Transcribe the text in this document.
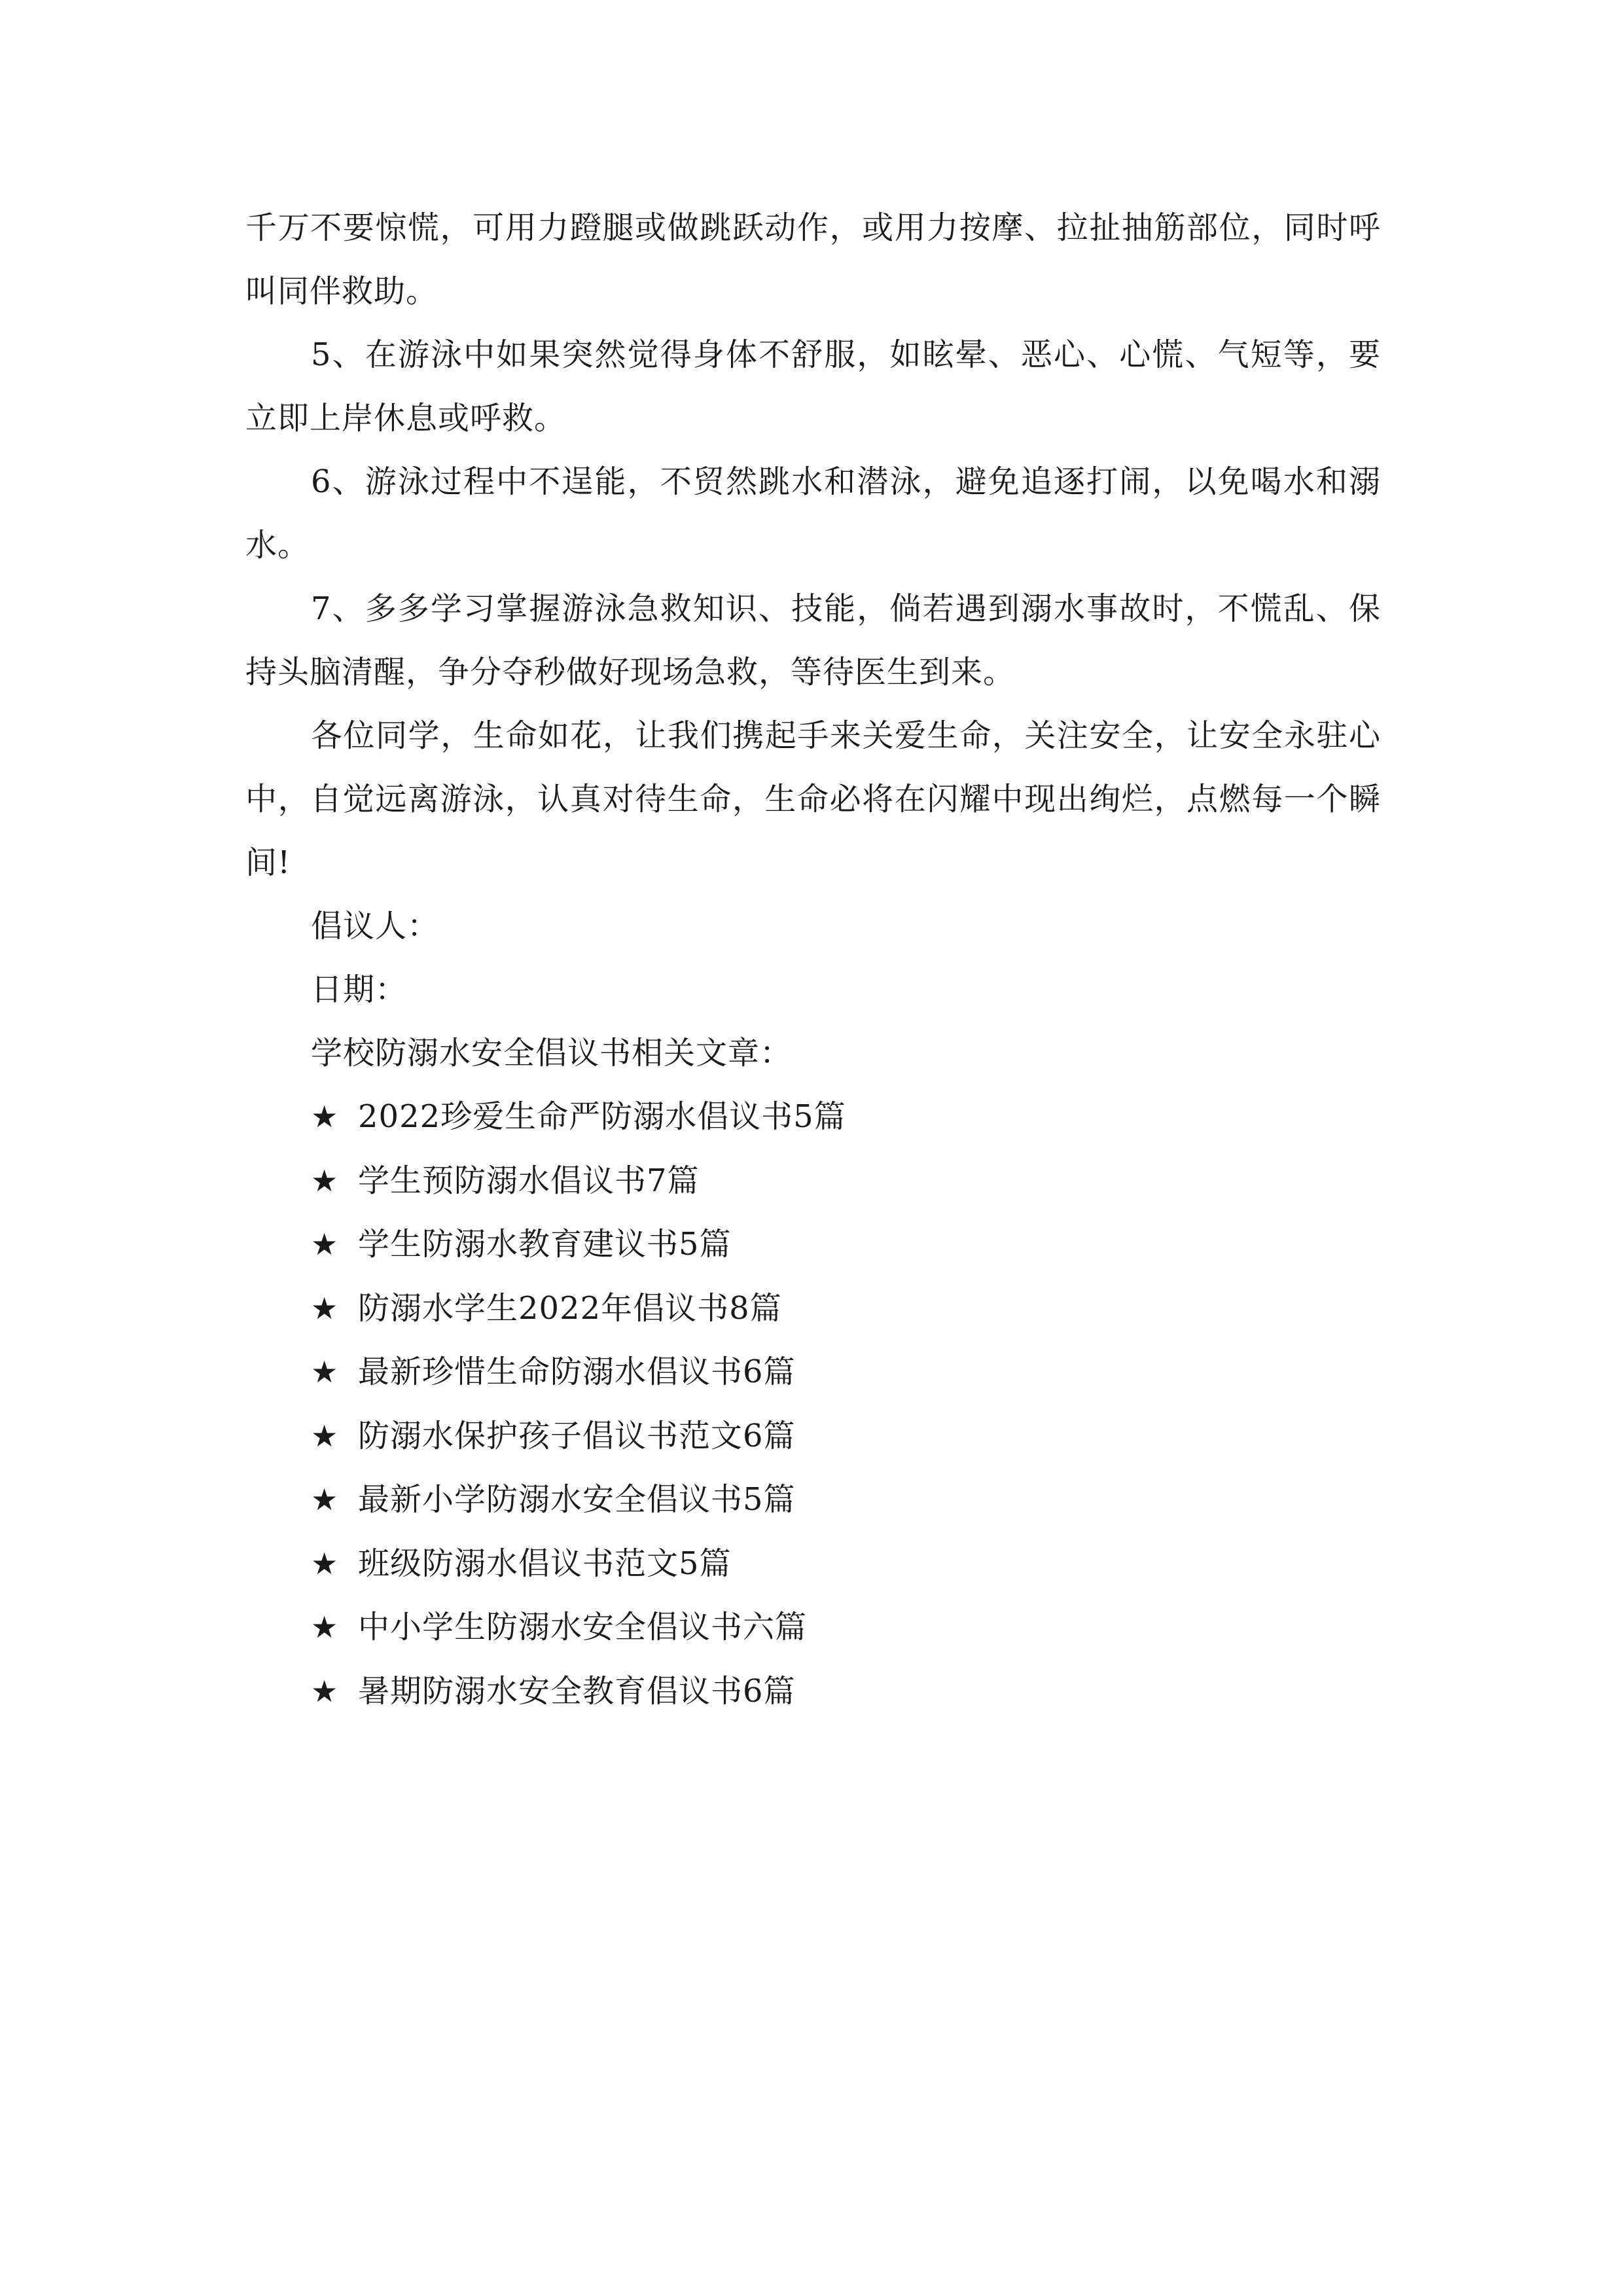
千万不要惊慌，可用力蹬腿或做跳跃动作，或用力按摩、拉扯抽筋部位，同时呼叫同伴救助。

5、在游泳中如果突然觉得身体不舒服，如眩晕、恶心、心慌、气短等，要立即上岸休息或呼救。

6、游泳过程中不逞能，不贸然跳水和潜泳，避免追逐打闹，以免喝水和溺水。

7、多多学习掌握游泳急救知识、技能，倘若遇到溺水事故时，不慌乱、保持头脑清醒，争分夺秒做好现场急救，等待医生到来。

各位同学，生命如花，让我们携起手来关爱生命，关注安全，让安全永驻心中，自觉远离游泳，认真对待生命，生命必将在闪耀中现出绚烂，点燃每一个瞬间!

倡议人：

日期：

学校防溺水安全倡议书相关文章：

★ 2022珍爱生命严防溺水倡议书5篇
★ 学生预防溺水倡议书7篇
★ 学生防溺水教育建议书5篇
★ 防溺水学生2022年倡议书8篇
★ 最新珍惜生命防溺水倡议书6篇
★ 防溺水保护孩子倡议书范文6篇
★ 最新小学防溺水安全倡议书5篇
★ 班级防溺水倡议书范文5篇
★ 中小学生防溺水安全倡议书六篇
★ 暑期防溺水安全教育倡议书6篇
